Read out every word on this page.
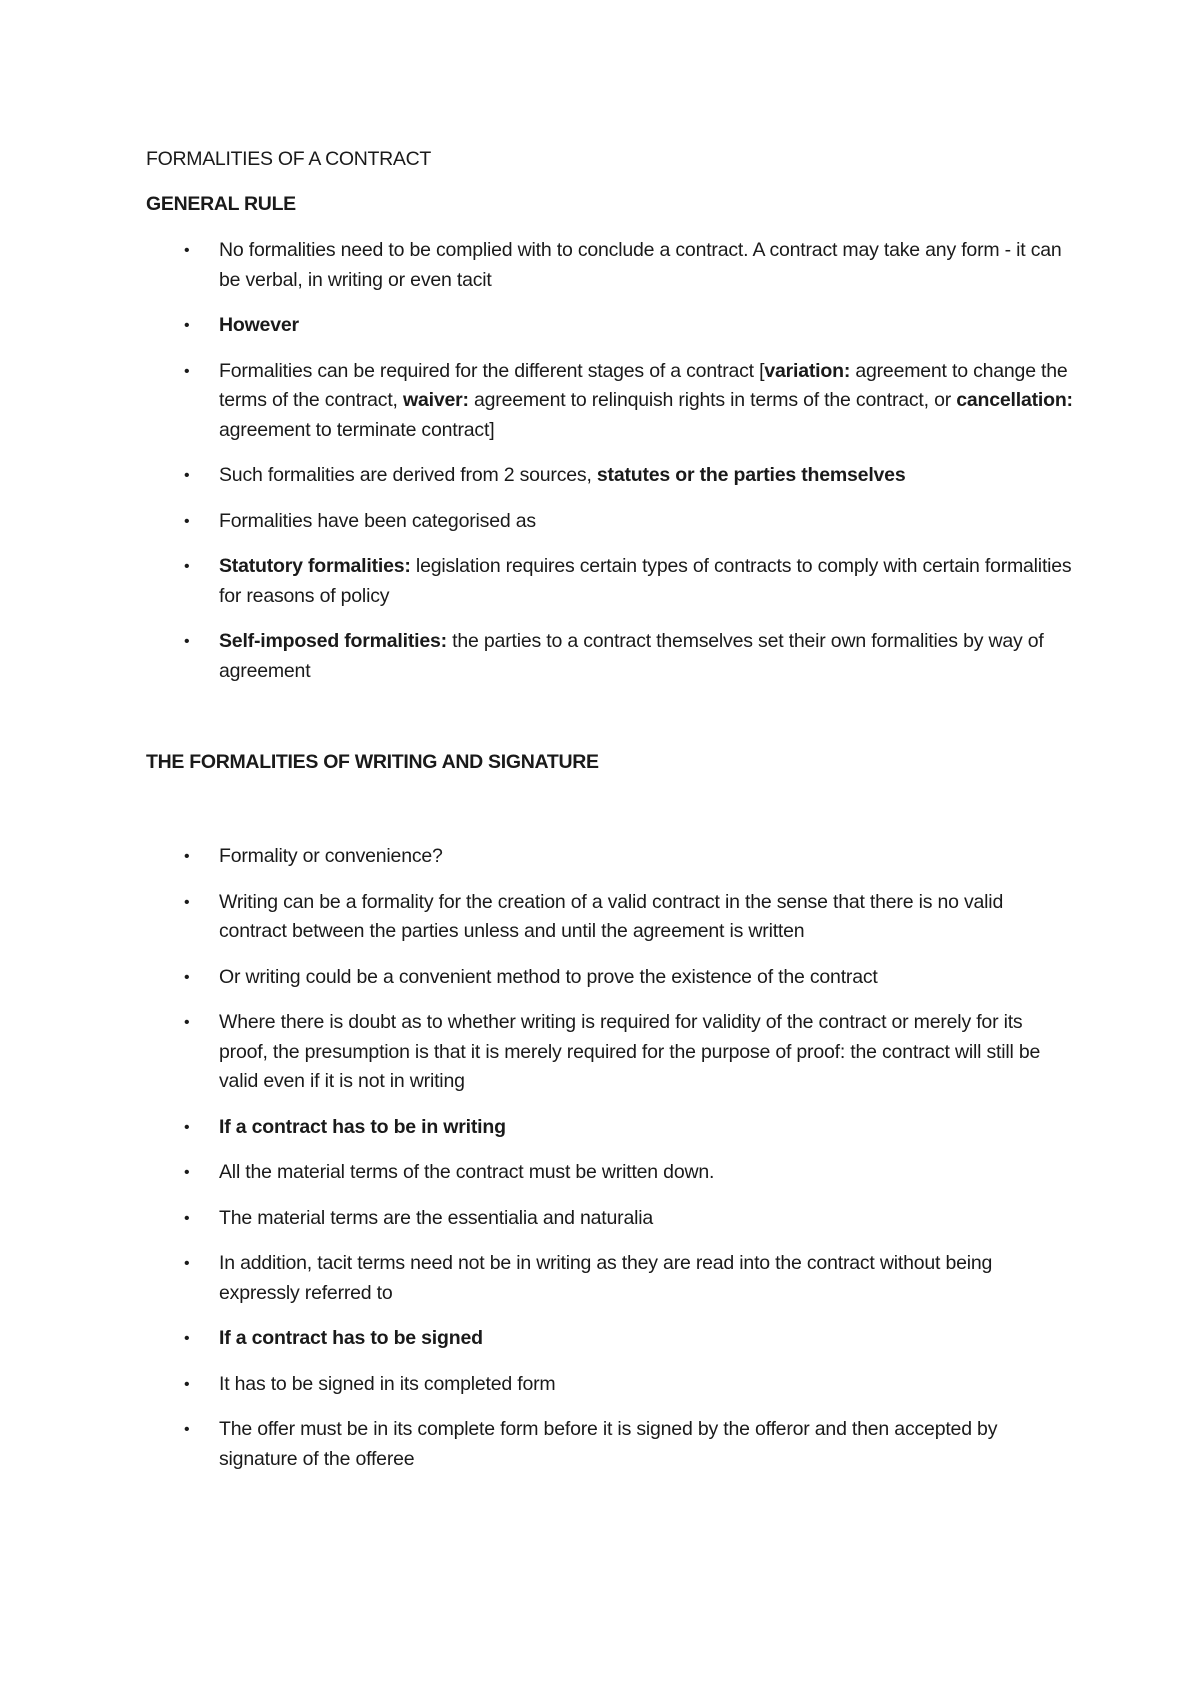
FORMALITIES OF A CONTRACT
GENERAL RULE
• No formalities need to be complied with to conclude a contract. A contract may take any form - it can be verbal, in writing or even tacit
• However
• Formalities can be required for the different stages of a contract [variation: agreement to change the terms of the contract, waiver: agreement to relinquish rights in terms of the contract, or cancellation: agreement to terminate contract]
• Such formalities are derived from 2 sources, statutes or the parties themselves
• Formalities have been categorised as
• Statutory formalities: legislation requires certain types of contracts to comply with certain formalities for reasons of policy
• Self-imposed formalities: the parties to a contract themselves set their own formalities by way of agreement
THE FORMALITIES OF WRITING AND SIGNATURE
• Formality or convenience?
• Writing can be a formality for the creation of a valid contract in the sense that there is no valid contract between the parties unless and until the agreement is written
• Or writing could be a convenient method to prove the existence of the contract
• Where there is doubt as to whether writing is required for validity of the contract or merely for its proof, the presumption is that it is merely required for the purpose of proof: the contract will still be valid even if it is not in writing
• If a contract has to be in writing
• All the material terms of the contract must be written down.
• The material terms are the essentialia and naturalia
• In addition, tacit terms need not be in writing as they are read into the contract without being expressly referred to
• If a contract has to be signed
• It has to be signed in its completed form
• The offer must be in its complete form before it is signed by the offeror and then accepted by signature of the offeree
